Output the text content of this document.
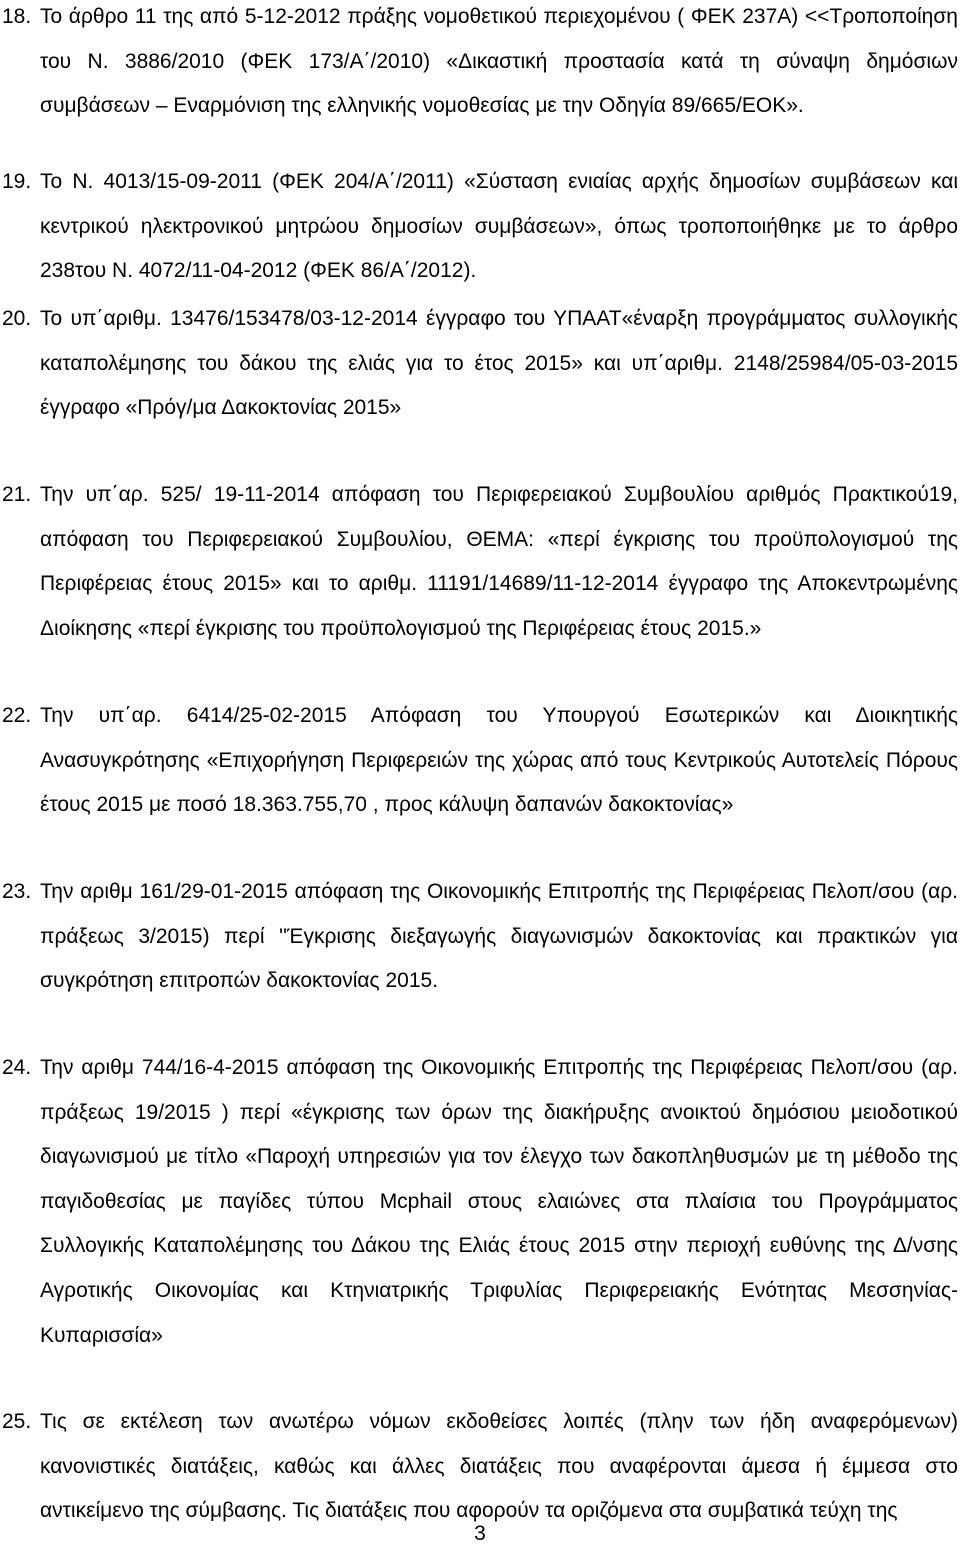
18. Το άρθρο 11 της από 5-12-2012 πράξης νομοθετικού περιεχομένου ( ΦΕΚ 237Α) <<Τροποποίηση του Ν. 3886/2010 (ΦΕΚ 173/Α΄/2010) «Δικαστική προστασία κατά τη σύναψη δημόσιων συμβάσεων – Εναρμόνιση της ελληνικής νομοθεσίας με την Οδηγία 89/665/ΕΟΚ».
19. Το Ν. 4013/15-09-2011 (ΦΕΚ 204/Α΄/2011) «Σύσταση ενιαίας αρχής δημοσίων συμβάσεων και κεντρικού ηλεκτρονικού μητρώου δημοσίων συμβάσεων», όπως τροποποιήθηκε με το άρθρο 238του Ν. 4072/11-04-2012 (ΦΕΚ 86/Α΄/2012).
20. Το υπ΄αριθμ. 13476/153478/03-12-2014 έγγραφο του ΥΠΑΑΤ«έναρξη προγράμματος συλλογικής καταπολέμησης του δάκου της ελιάς για το έτος 2015» και υπ΄αριθμ. 2148/25984/05-03-2015 έγγραφο «Πρόγ/μα Δακοκτονίας 2015»
21. Την υπ΄αρ. 525/ 19-11-2014 απόφαση του Περιφερειακού Συμβουλίου αριθμός Πρακτικού19, απόφαση του Περιφερειακού Συμβουλίου, ΘΕΜΑ: «περί έγκρισης του προϋπολογισμού της Περιφέρειας έτους 2015» και το αριθμ. 11191/14689/11-12-2014 έγγραφο της Αποκεντρωμένης Διοίκησης «περί έγκρισης του προϋπολογισμού της Περιφέρειας έτους 2015.»
22. Την υπ΄αρ. 6414/25-02-2015 Απόφαση του Υπουργού Εσωτερικών και Διοικητικής Ανασυγκρότησης «Επιχορήγηση Περιφερειών της χώρας από τους Κεντρικούς Αυτοτελείς Πόρους έτους 2015 με ποσό 18.363.755,70 , προς κάλυψη δαπανών δακοκτονίας»
23. Την αριθμ 161/29-01-2015 απόφαση της Οικονομικής Επιτροπής της Περιφέρειας Πελοπ/σου (αρ. πράξεως 3/2015) περί ''Έγκρισης διεξαγωγής διαγωνισμών δακοκτονίας και πρακτικών για συγκρότηση επιτροπών δακοκτονίας 2015.
24. Την αριθμ 744/16-4-2015 απόφαση της Οικονομικής Επιτροπής της Περιφέρειας Πελοπ/σου (αρ. πράξεως 19/2015 ) περί «έγκρισης των όρων της διακήρυξης ανοικτού δημόσιου μειοδοτικού διαγωνισμού με τίτλο «Παροχή υπηρεσιών για τον έλεγχο των δακοπληθυσμών με τη μέθοδο της παγιδοθεσίας με παγίδες τύπου Mcphail στους ελαιώνες στα πλαίσια του Προγράμματος Συλλογικής Καταπολέμησης του Δάκου της Ελιάς έτους 2015 στην περιοχή ευθύνης της Δ/νσης Αγροτικής Οικονομίας και Κτηνιατρικής Τριφυλίας Περιφερειακής Ενότητας Μεσσηνίας-Κυπαρισσία»
25. Τις σε εκτέλεση των ανωτέρω νόμων εκδοθείσες λοιπές (πλην των ήδη αναφερόμενων) κανονιστικές διατάξεις, καθώς και άλλες διατάξεις που αναφέρονται άμεσα ή έμμεσα στο αντικείμενο της σύμβασης. Τις διατάξεις που αφορούν τα οριζόμενα στα συμβατικά τεύχη της
3
